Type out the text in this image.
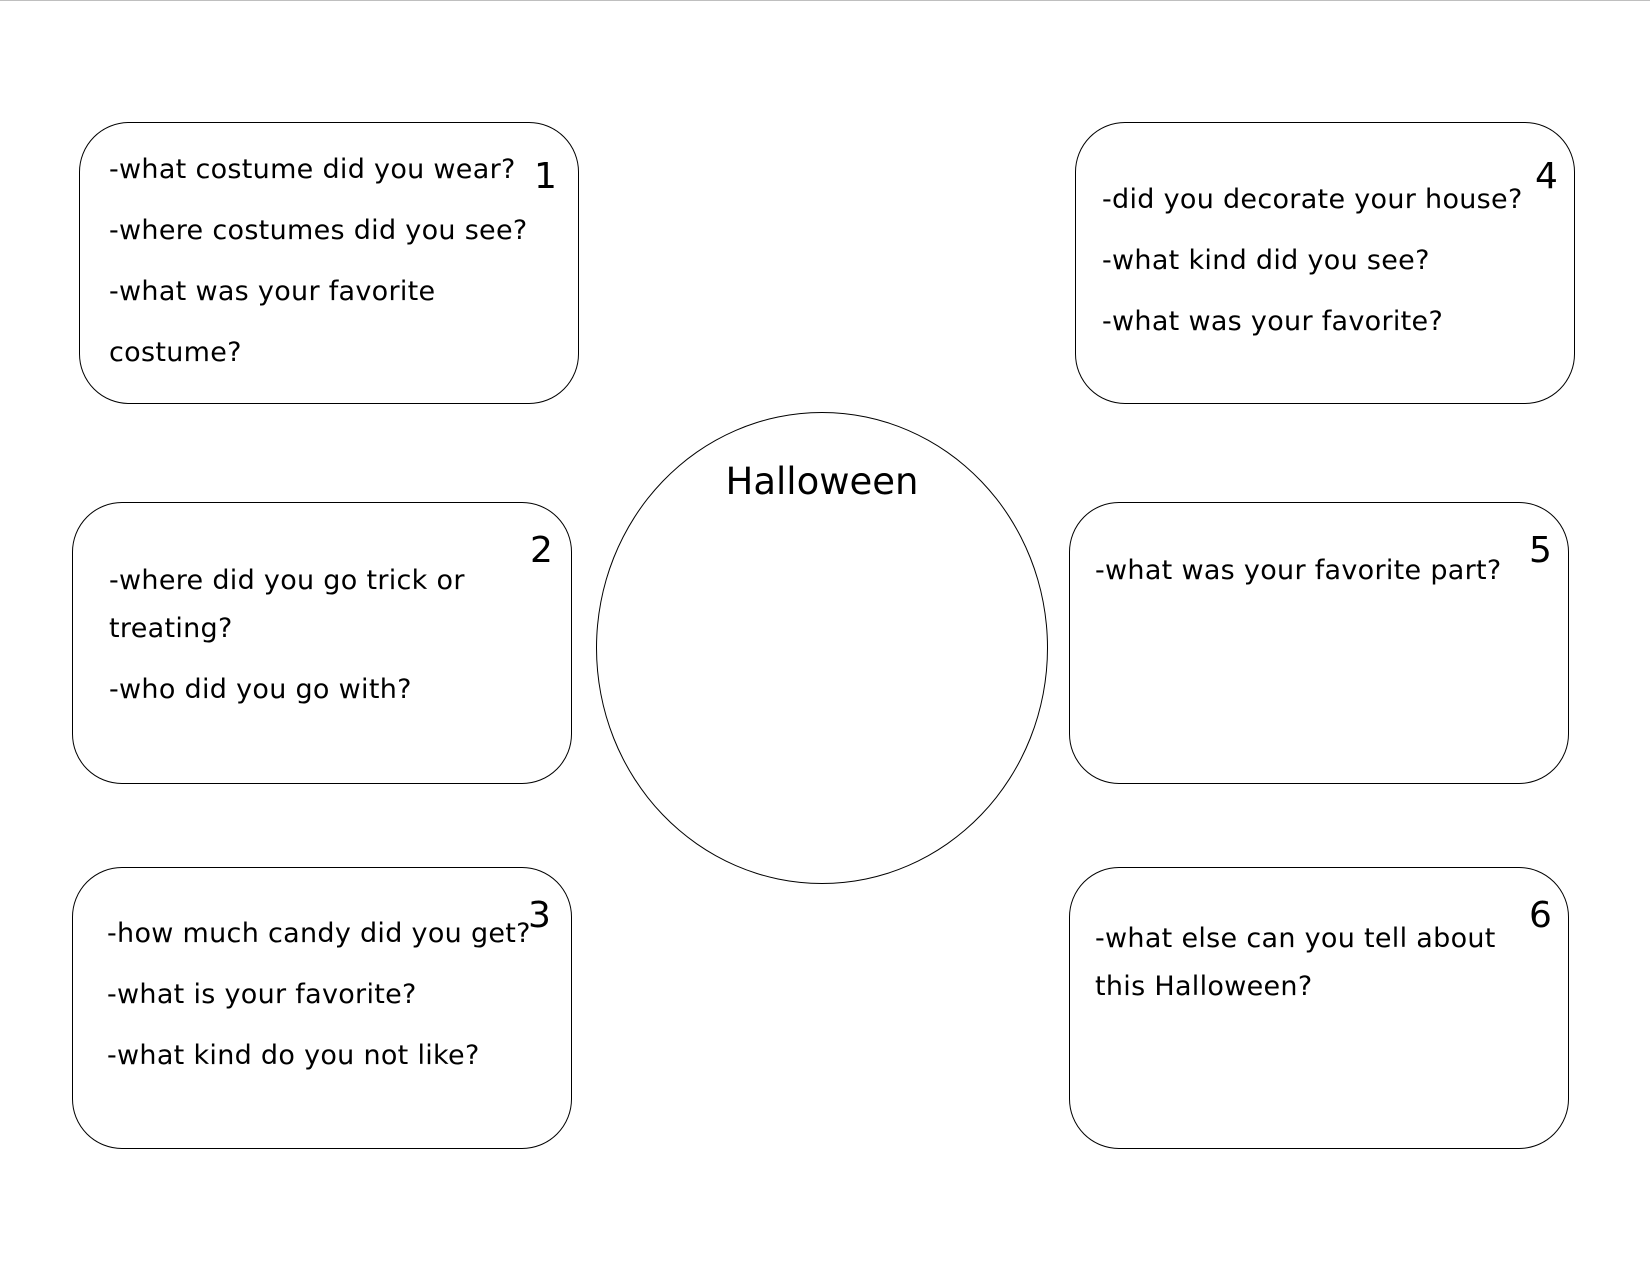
1
-what costume did you wear?
-where costumes did you see?
-what was your favorite
costume?
2
-where did you go trick or
treating?
-who did you go with?
3
-how much candy did you get?
-what is your favorite?
-what kind do you not like?
4
-did you decorate your house?
-what kind did you see?
-what was your favorite?
5
-what was your favorite part?
6
-what else can you tell about
this Halloween?
Halloween
